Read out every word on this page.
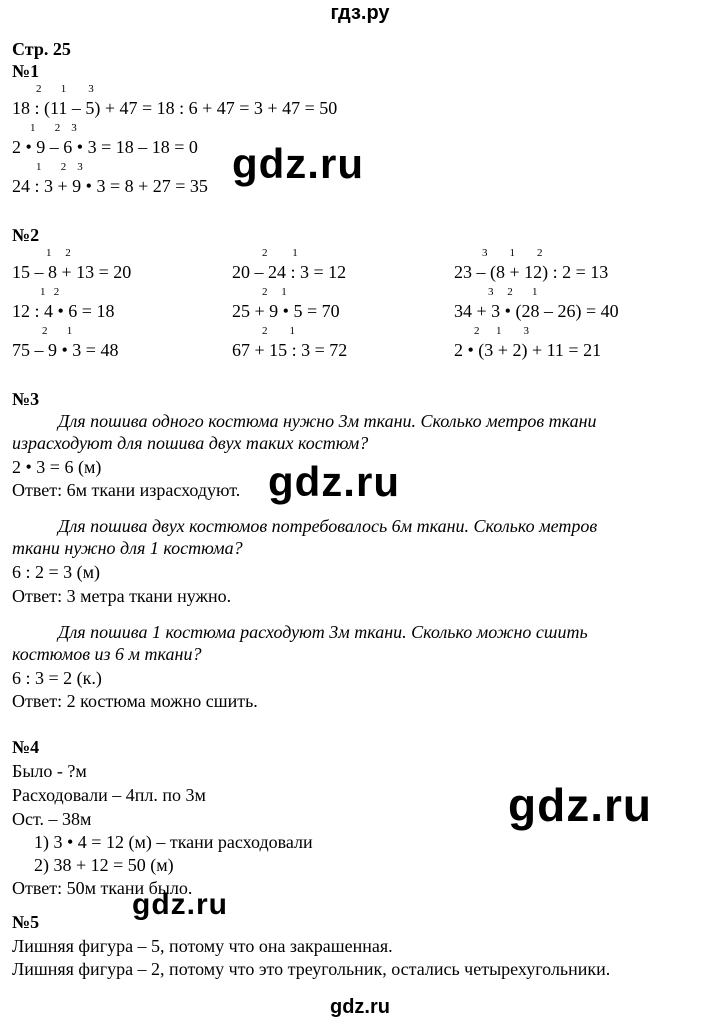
гдз.ру
Стр. 25
№1
2       1        3
18 : (11 – 5) + 47 = 18 : 6 + 47 = 3 + 47 = 50
1       2    3
2 • 9 – 6 • 3 = 18 – 18 = 0
1       2    3
24 : 3 + 9 • 3 = 8 + 27 = 35 gdz.ru
№2
1     2
15 – 8 + 13 = 20
1   2
12 : 4 • 6 = 18
2       1
75 – 9 • 3 = 48
2         1
20 – 24 : 3 = 12
2     1
25 + 9 • 5 = 70
2        1
67 + 15 : 3 = 72
3        1        2
23 – (8 + 12) : 2 = 13
3     2       1
34 + 3 • (28 – 26) = 40
2      1        3
2 • (3 + 2) + 11 = 21
№3
Для пошива одного костюма нужно 3м ткани. Сколько метров ткани
израсходуют для пошива двух таких костюм?
2 • 3 = 6 (м)
Ответ: 6м ткани израсходуют. gdz.ru
Для пошива двух костюмов потребовалось 6м ткани. Сколько метров
ткани нужно для 1 костюма?
6 : 2 = 3 (м)
Ответ: 3 метра ткани нужно.
Для пошива 1 костюма расходуют 3м ткани. Сколько можно сшить
костюмов из 6 м ткани?
6 : 3 = 2 (к.)
Ответ: 2 костюма можно сшить.
№4
Было - ?м
Расходовали – 4пл. по 3м
Ост. – 38м
1) 3 • 4 = 12 (м) – ткани расходовали
2) 38 + 12 = 50 (м)
Ответ: 50м ткани было.
gdz.ru
gdz.ru
№5
Лишняя фигура – 5, потому что она закрашенная.
Лишняя фигура – 2, потому что это треугольник, остались четырехугольники.
gdz.ru
